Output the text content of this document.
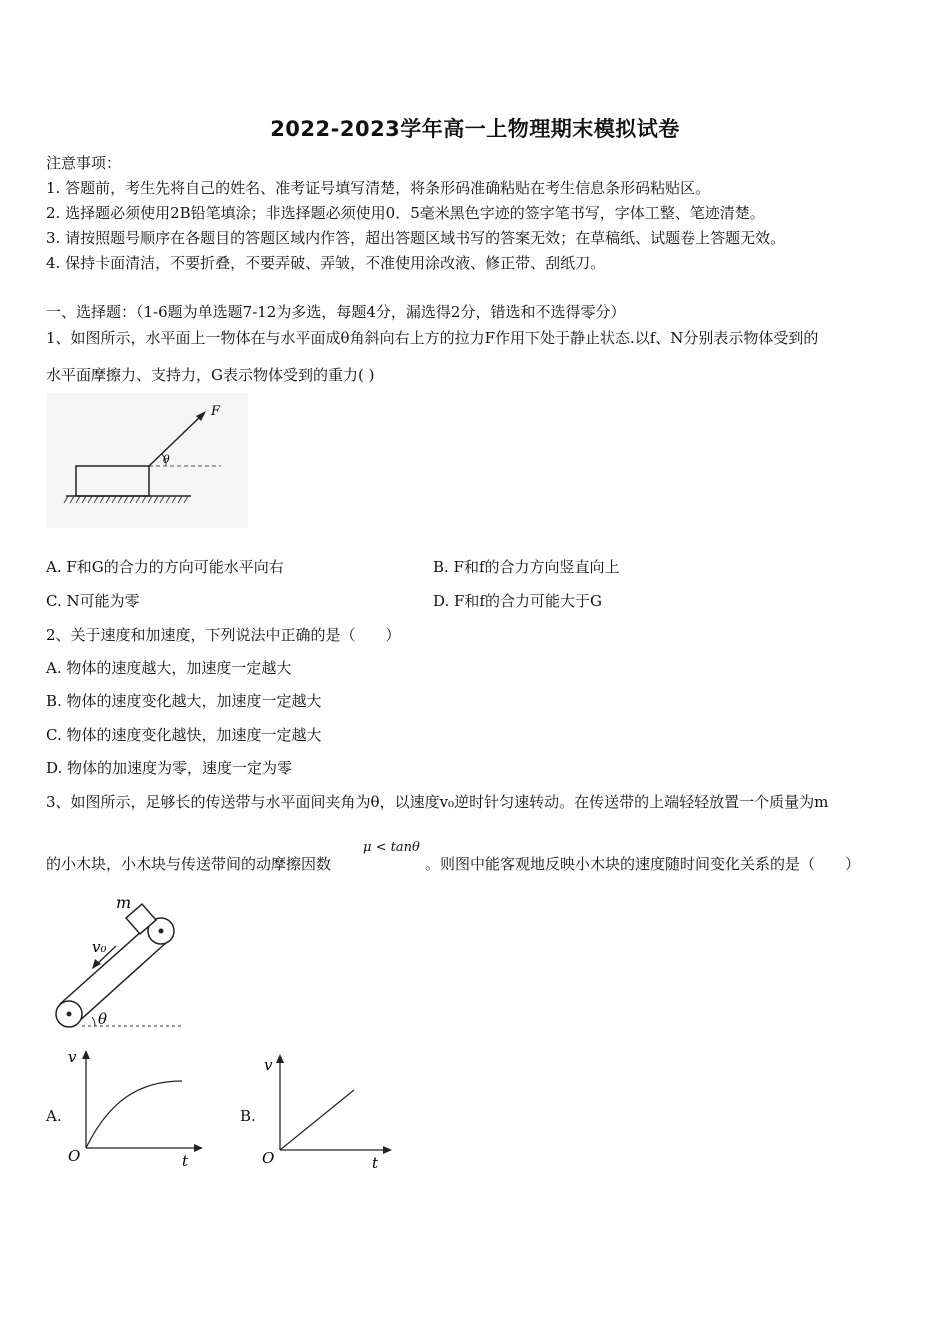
2022-2023学年高一上物理期末模拟试卷
注意事项：
1. 答题前，考生先将自己的姓名、准考证号填写清楚，将条形码准确粘贴在考生信息条形码粘贴区。
2. 选择题必须使用2B铅笔填涂；非选择题必须使用0．5毫米黑色字迹的签字笔书写，字体工整、笔迹清楚。
3. 请按照题号顺序在各题目的答题区域内作答，超出答题区域书写的答案无效；在草稿纸、试题卷上答题无效。
4. 保持卡面清洁，不要折叠，不要弄破、弄皱，不准使用涂改液、修正带、刮纸刀。
一、选择题：（1-6题为单选题7-12为多选，每题4分，漏选得2分，错选和不选得零分）
1、如图所示，水平面上一物体在与水平面成θ角斜向右上方的拉力F作用下处于静止状态.以f、N分别表示物体受到的
水平面摩擦力、支持力，G表示物体受到的重力( )
F
θ
A. F和G的合力的方向可能水平向右	B. F和f的合力方向竖直向上
C. N可能为零	D. F和f的合力可能大于G
2、关于速度和加速度，下列说法中正确的是（　　）
A. 物体的速度越大，加速度一定越大
B. 物体的速度变化越大，加速度一定越大
C. 物体的速度变化越快，加速度一定越大
D. 物体的加速度为零，速度一定为零
3、如图所示，足够长的传送带与水平面间夹角为θ，以速度v₀逆时针匀速转动。在传送带的上端轻轻放置一个质量为m
的小木块，小木块与传送带间的动摩擦因数
μ < tanθ
。则图中能客观地反映小木块的速度随时间变化关系的是（　　）
m
v₀
θ
A.
v
O	t
B.
v
O	t
